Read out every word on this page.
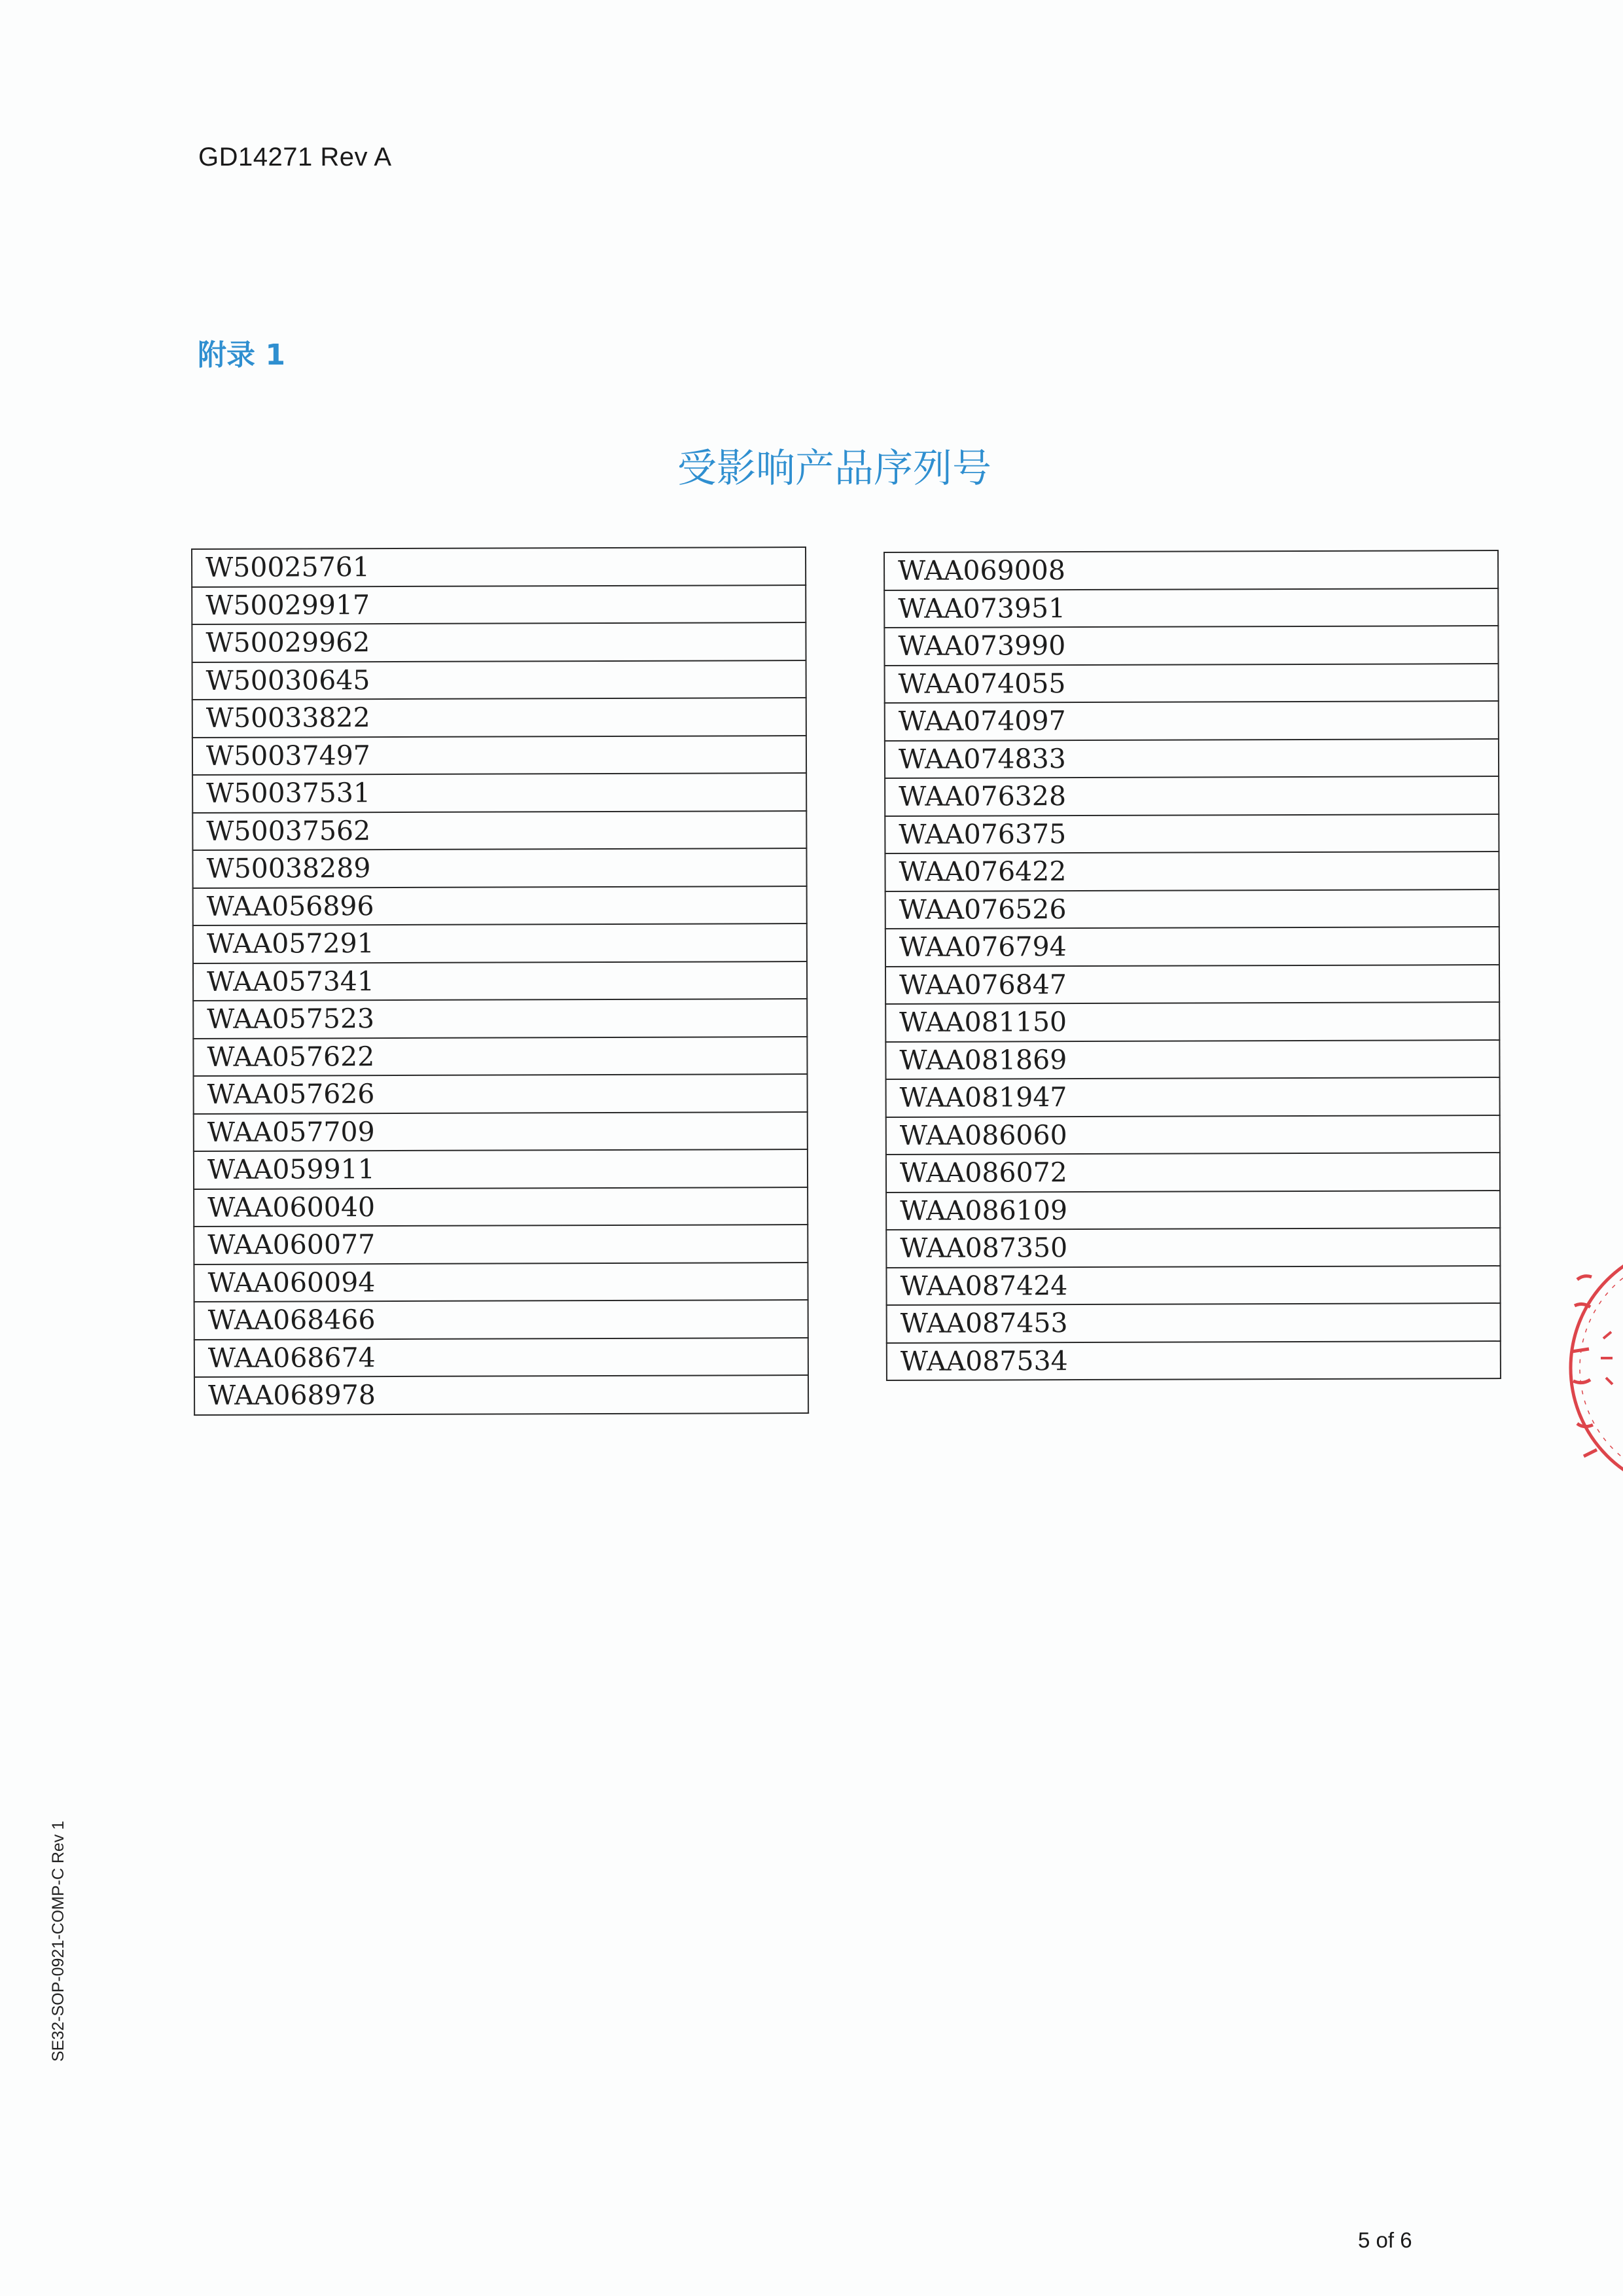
GD14271 Rev A
附录 1
受影响产品序列号
W50025761
W50029917
W50029962
W50030645
W50033822
W50037497
W50037531
W50037562
W50038289
WAA056896
WAA057291
WAA057341
WAA057523
WAA057622
WAA057626
WAA057709
WAA059911
WAA060040
WAA060077
WAA060094
WAA068466
WAA068674
WAA068978
WAA069008
WAA073951
WAA073990
WAA074055
WAA074097
WAA074833
WAA076328
WAA076375
WAA076422
WAA076526
WAA076794
WAA076847
WAA081150
WAA081869
WAA081947
WAA086060
WAA086072
WAA086109
WAA087350
WAA087424
WAA087453
WAA087534
SE32-SOP-0921-COMP-C Rev 1
5 of 6
